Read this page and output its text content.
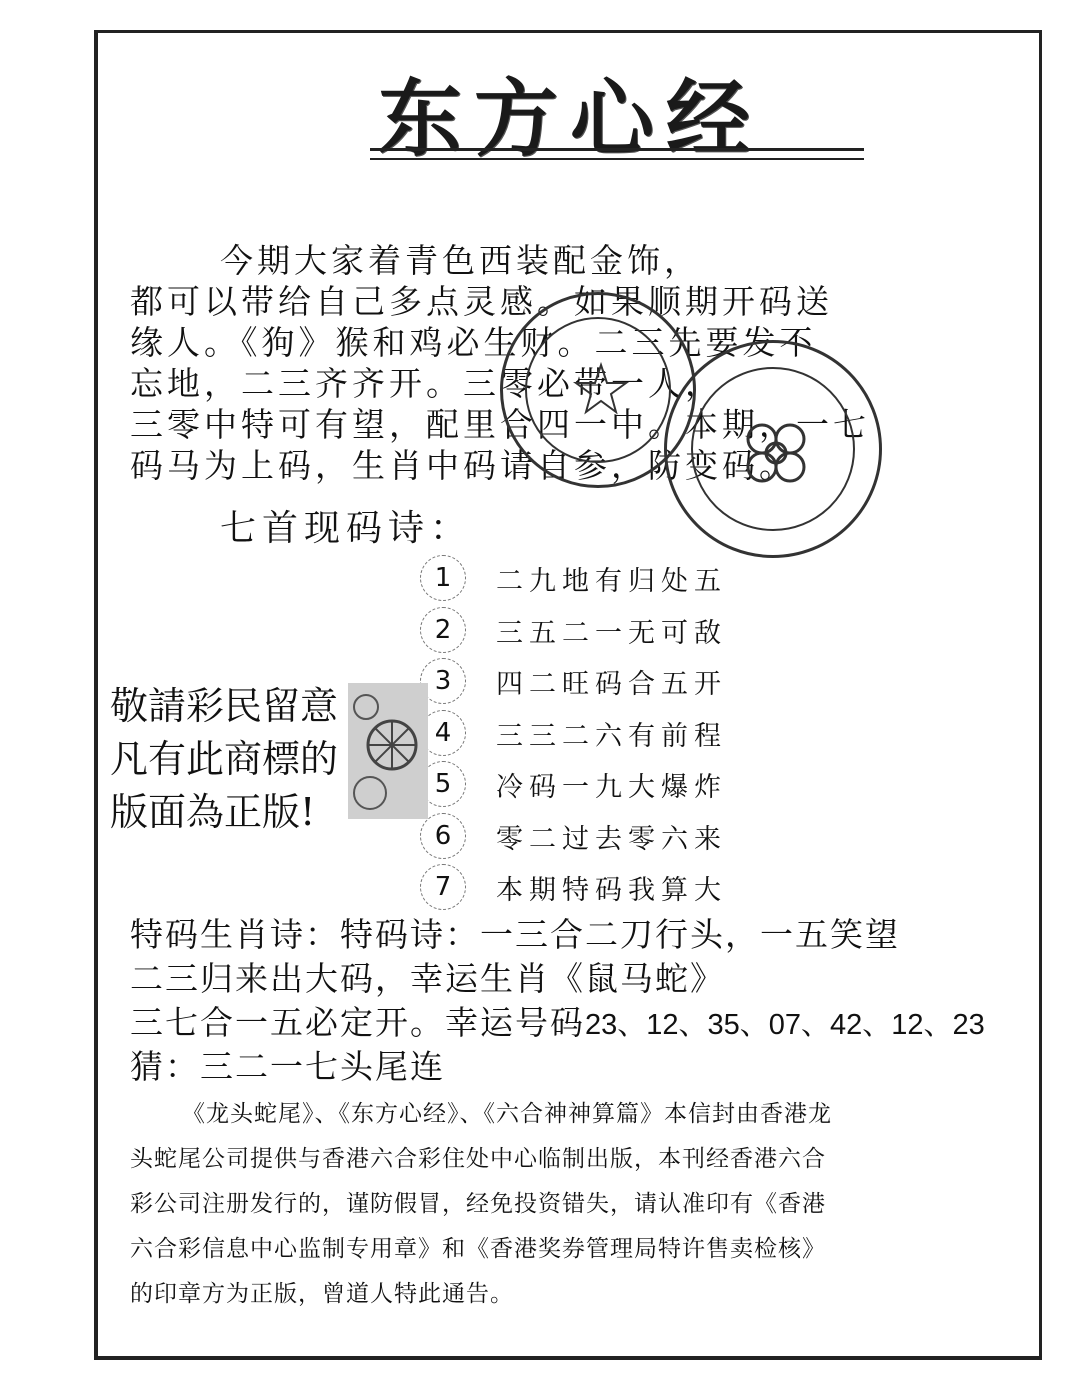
东方心经
今期大家着青色西装配金饰，
都可以带给自己多点灵感。如果顺期开码送
缘人。《狗》猴和鸡必生财。二三先要发不
忘地，二三齐齐开。三零必带一人，
三零中特可有望，配里合四一中。本期，一七
码马为上码，生肖中码请自参，防变码。
七首现码诗：
1	二九地有归处五
2	三五二一无可敌
3	四二旺码合五开
4	三三二六有前程
5	冷码一九大爆炸
6	零二过去零六来
7	本期特码我算大
敬請彩民留意
凡有此商標的
版面為正版!
特码生肖诗：特码诗：一三合二刀行头，一五笑望
二三归来出大码，幸运生肖《鼠马蛇》
三七合一五必定开。幸运号码23、12、35、07、42、12、23
猜：三二一七头尾连
《龙头蛇尾》、《东方心经》、《六合神神算篇》本信封由香港龙
头蛇尾公司提供与香港六合彩住处中心临制出版，本刊经香港六合
彩公司注册发行的，谨防假冒，经免投资错失，请认准印有《香港
六合彩信息中心监制专用章》和《香港奖券管理局特许售卖检核》
的印章方为正版，曾道人特此通告。
